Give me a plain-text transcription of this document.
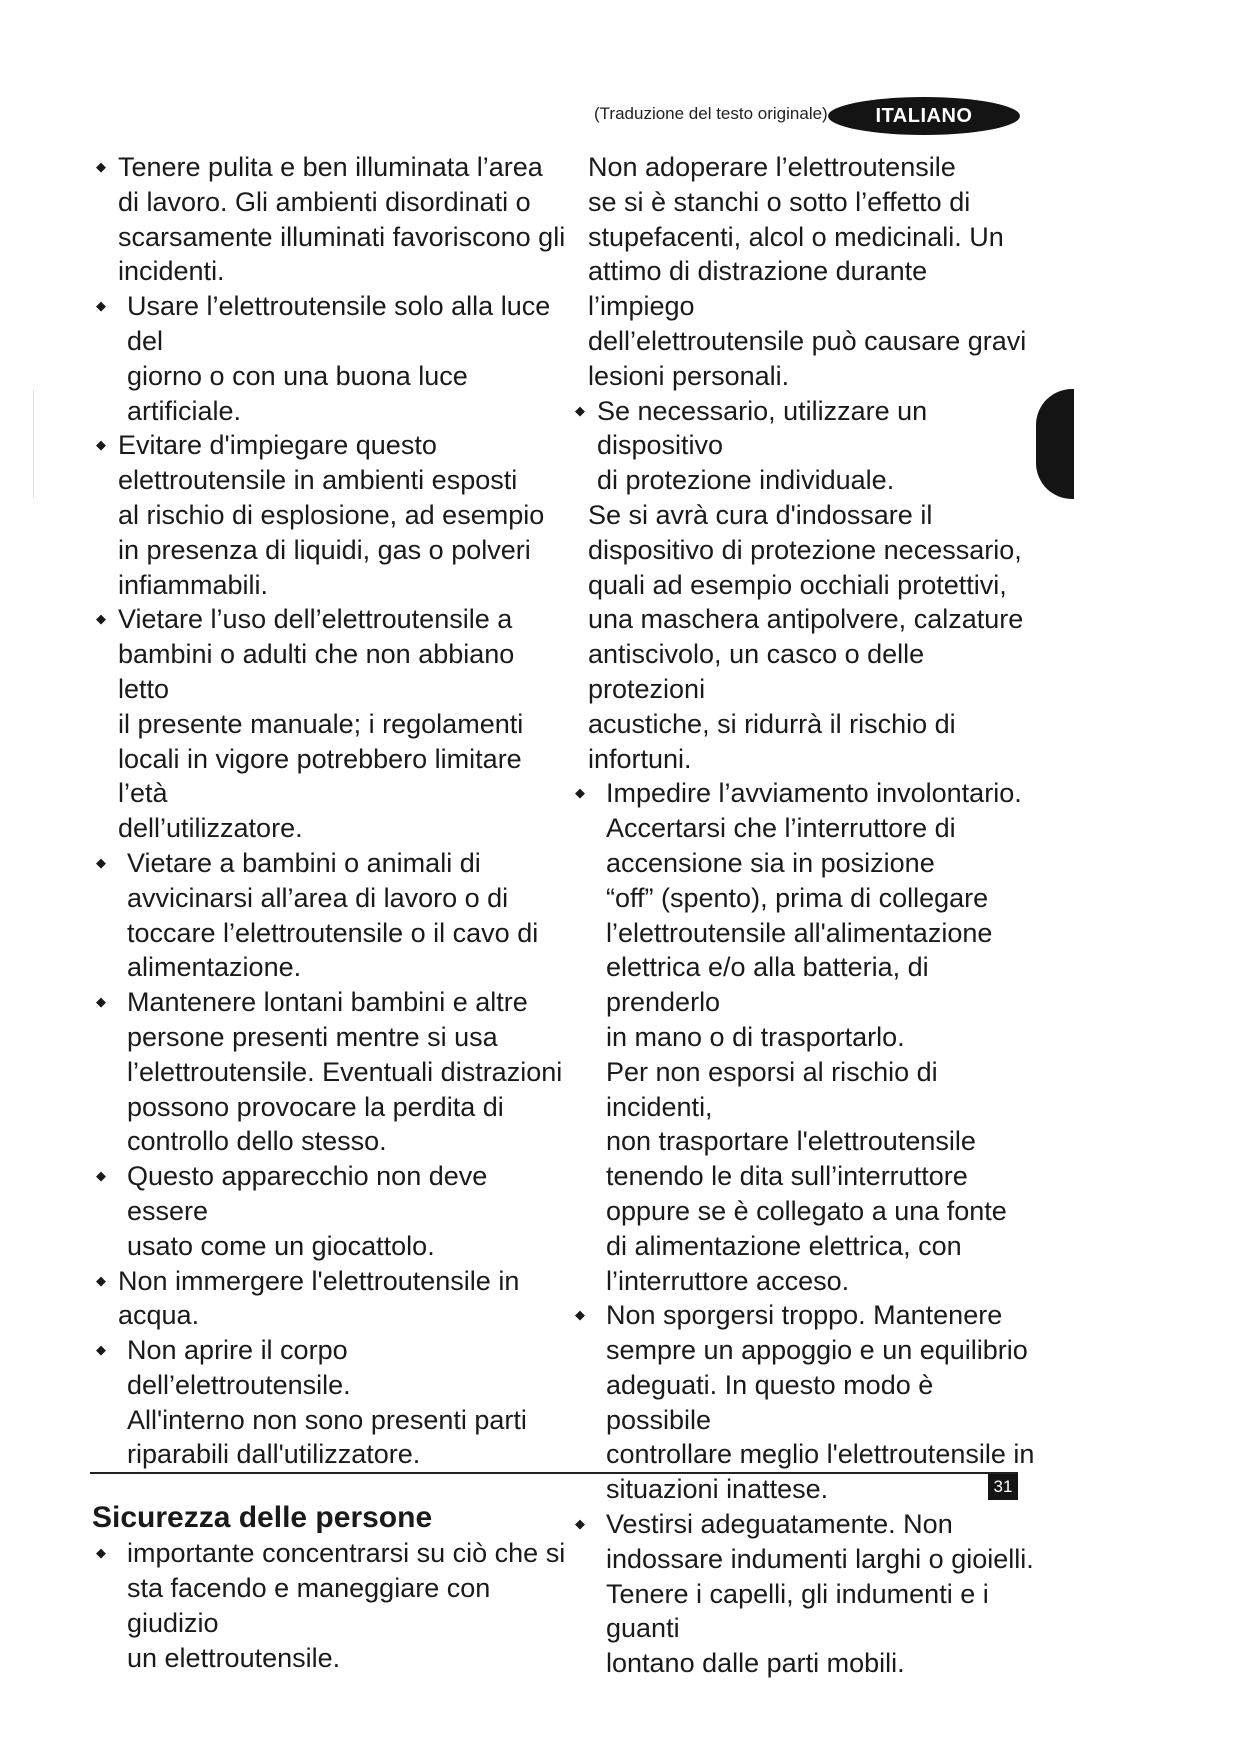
(Traduzione del testo originale)	ITALIANO
◆ Tenere pulita e ben illuminata l’area
di lavoro. Gli ambienti disordinati o
scarsamente illuminati favoriscono gli
incidenti.
◆ Usare l’elettroutensile solo alla luce del
giorno o con una buona luce artificiale.
◆ Evitare d'impiegare questo
elettroutensile in ambienti esposti
al rischio di esplosione, ad esempio
in presenza di liquidi, gas o polveri
infiammabili.
◆ Vietare l’uso dell’elettroutensile a
bambini o adulti che non abbiano letto
il presente manuale; i regolamenti
locali in vigore potrebbero limitare l’età
dell’utilizzatore.
◆ Vietare a bambini o animali di
avvicinarsi all’area di lavoro o di
toccare l’elettroutensile o il cavo di
alimentazione.
◆ Mantenere lontani bambini e altre
persone presenti mentre si usa
l’elettroutensile. Eventuali distrazioni
possono provocare la perdita di
controllo dello stesso.
◆ Questo apparecchio non deve essere
usato come un giocattolo.
◆ Non immergere l'elettroutensile in
acqua.
◆ Non aprire il corpo dell’elettroutensile.
All'interno non sono presenti parti
riparabili dall'utilizzatore.
Sicurezza delle persone
◆ importante concentrarsi su ciò che si
sta facendo e maneggiare con giudizio
un elettroutensile.
Non adoperare l’elettroutensile
se si è stanchi o sotto l’effetto di
stupefacenti, alcol o medicinali. Un
attimo di distrazione durante l’impiego
dell’elettroutensile può causare gravi
lesioni personali.
◆ Se necessario, utilizzare un dispositivo
di protezione individuale.
Se si avrà cura d'indossare il
dispositivo di protezione necessario,
quali ad esempio occhiali protettivi,
una maschera antipolvere, calzature
antiscivolo, un casco o delle protezioni
acustiche, si ridurrà il rischio di
infortuni.
◆ Impedire l’avviamento involontario.
Accertarsi che l’interruttore di
accensione sia in posizione
“off” (spento), prima di collegare
l’elettroutensile all'alimentazione
elettrica e/o alla batteria, di prenderlo
in mano o di trasportarlo.
Per non esporsi al rischio di incidenti,
non trasportare l'elettroutensile
tenendo le dita sull’interruttore
oppure se è collegato a una fonte
di alimentazione elettrica, con
l’interruttore acceso.
◆ Non sporgersi troppo. Mantenere
sempre un appoggio e un equilibrio
adeguati. In questo modo è possibile
controllare meglio l'elettroutensile in
situazioni inattese.
◆ Vestirsi adeguatamente. Non
indossare indumenti larghi o gioielli.
Tenere i capelli, gli indumenti e i guanti
lontano dalle parti mobili.
31
